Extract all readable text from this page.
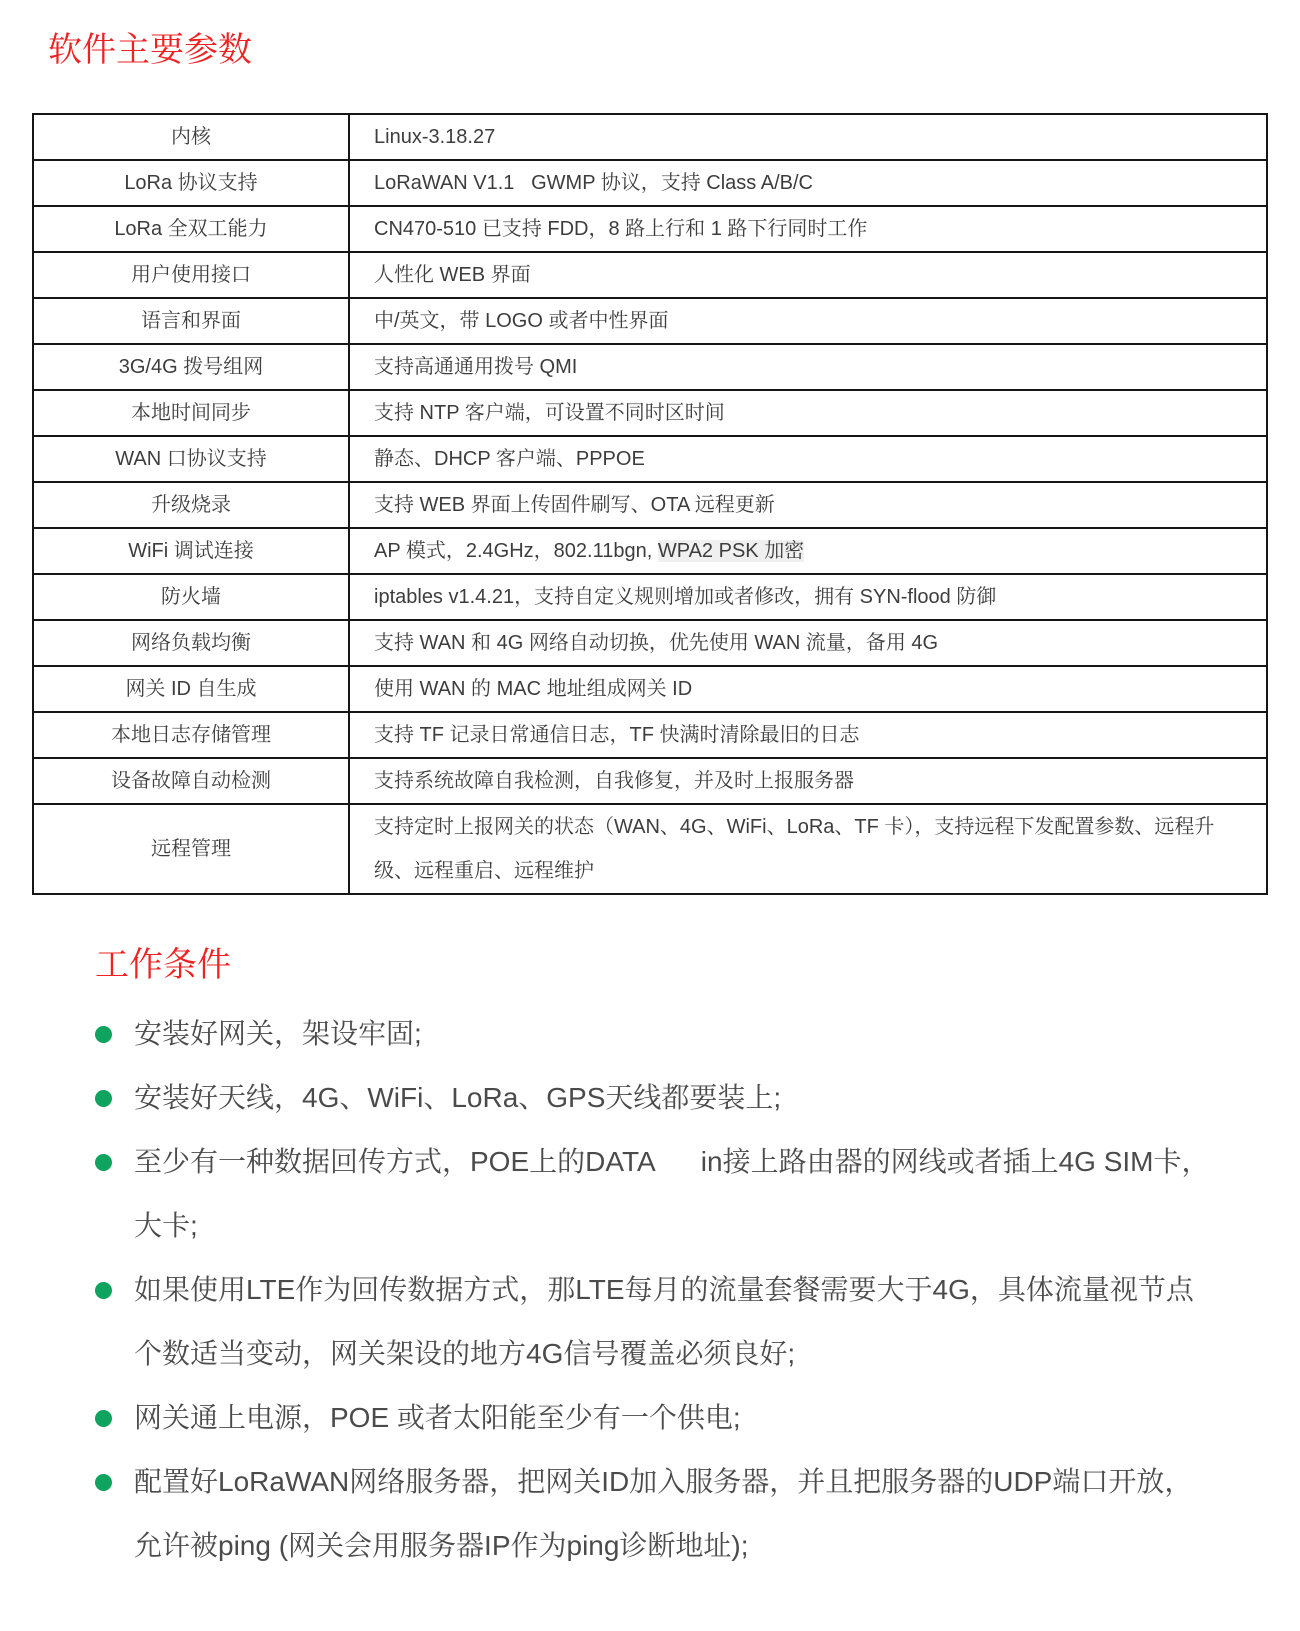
软件主要参数
内核	Linux-3.18.27
LoRa 协议支持	LoRaWAN V1.1   GWMP 协议，支持 Class A/B/C
LoRa 全双工能力	CN470-510 已支持 FDD，8 路上行和 1 路下行同时工作
用户使用接口	人性化 WEB 界面
语言和界面	中/英文，带 LOGO 或者中性界面
3G/4G 拨号组网	支持高通通用拨号 QMI
本地时间同步	支持 NTP 客户端，可设置不同时区时间
WAN 口协议支持	静态、DHCP 客户端、PPPOE
升级烧录	支持 WEB 界面上传固件刷写、OTA 远程更新
WiFi 调试连接	AP 模式，2.4GHz，802.11bgn, WPA2 PSK 加密
防火墙	iptables v1.4.21，支持自定义规则增加或者修改，拥有 SYN-flood 防御
网络负载均衡	支持 WAN 和 4G 网络自动切换，优先使用 WAN 流量，备用 4G
网关 ID 自生成	使用 WAN 的 MAC 地址组成网关 ID
本地日志存储管理	支持 TF 记录日常通信日志，TF 快满时清除最旧的日志
设备故障自动检测	支持系统故障自我检测，自我修复，并及时上报服务器
远程管理	支持定时上报网关的状态（WAN、4G、WiFi、LoRa、TF 卡），支持远程下发配置参数、远程升级、远程重启、远程维护
工作条件
安装好网关，架设牢固;
安装好天线，4G、WiFi、LoRa、GPS天线都要装上;
至少有一种数据回传方式，POE上的DATA      in接上路由器的网线或者插上4G SIM卡，大卡;
如果使用LTE作为回传数据方式，那LTE每月的流量套餐需要大于4G，具体流量视节点个数适当变动，网关架设的地方4G信号覆盖必须良好;
网关通上电源，POE 或者太阳能至少有一个供电;
配置好LoRaWAN网络服务器，把网关ID加入服务器，并且把服务器的UDP端口开放，允许被ping (网关会用服务器IP作为ping诊断地址);
